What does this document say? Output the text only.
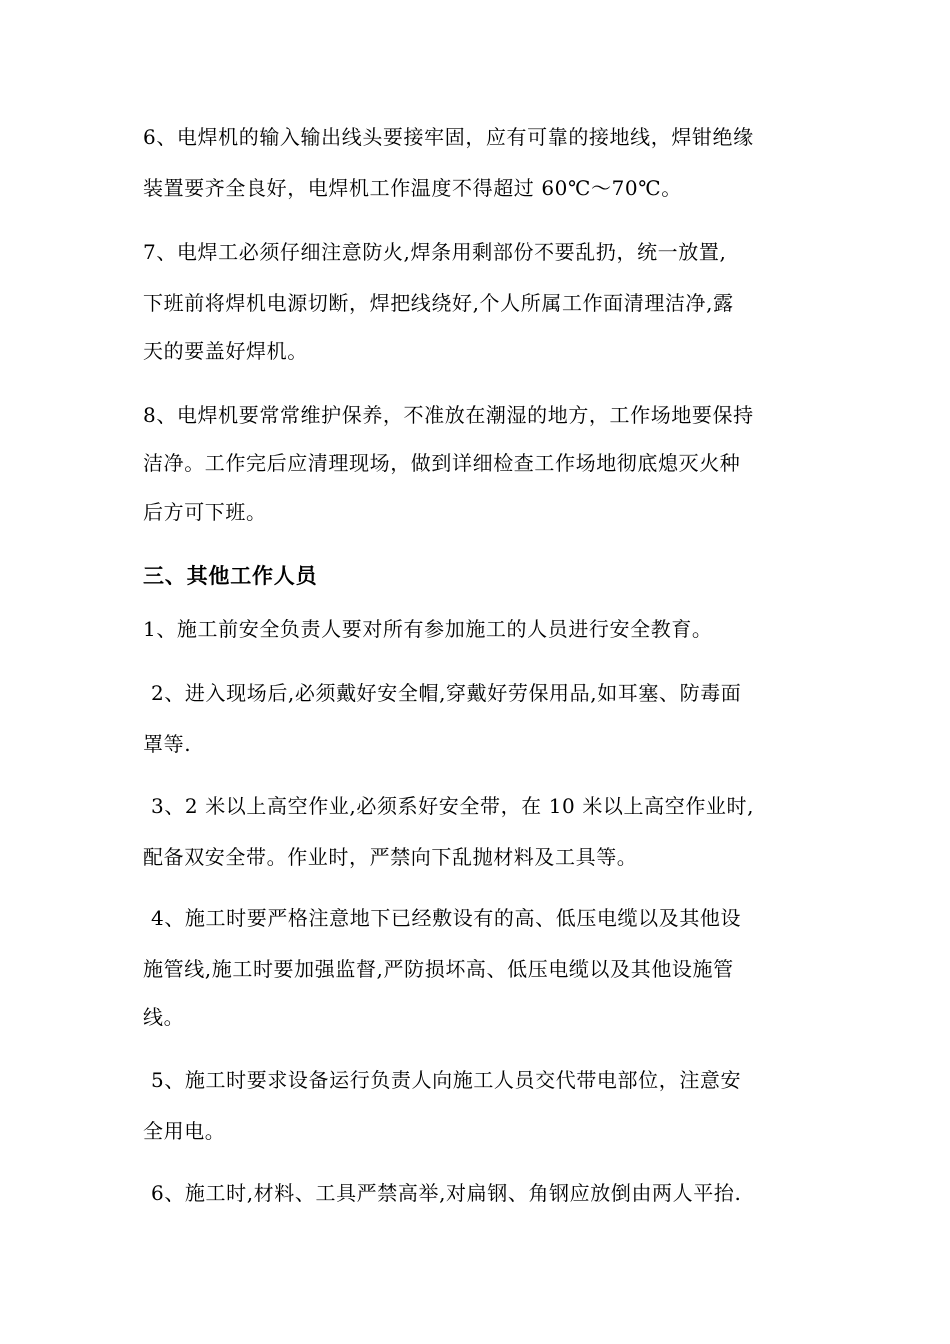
6、电焊机的输入输出线头要接牢固，应有可靠的接地线，焊钳绝缘
装置要齐全良好，电焊机工作温度不得超过 60℃～70℃。
7、电焊工必须仔细注意防火,焊条用剩部份不要乱扔，统一放置,
下班前将焊机电源切断，焊把线绕好,个人所属工作面清理洁净,露
天的要盖好焊机。
8、电焊机要常常维护保养，不准放在潮湿的地方，工作场地要保持
洁净。工作完后应清理现场，做到详细检查工作场地彻底熄灭火种
后方可下班。
三、其他工作人员
1、施工前安全负责人要对所有参加施工的人员进行安全教育。
2、进入现场后,必须戴好安全帽,穿戴好劳保用品,如耳塞、防毒面
罩等.
3、2 米以上高空作业,必须系好安全带，在 10 米以上高空作业时,
配备双安全带。作业时，严禁向下乱抛材料及工具等。
4、施工时要严格注意地下已经敷设有的高、低压电缆以及其他设
施管线,施工时要加强监督,严防损坏高、低压电缆以及其他设施管
线。
5、施工时要求设备运行负责人向施工人员交代带电部位，注意安
全用电。
6、施工时,材料、工具严禁高举,对扁钢、角钢应放倒由两人平抬.
